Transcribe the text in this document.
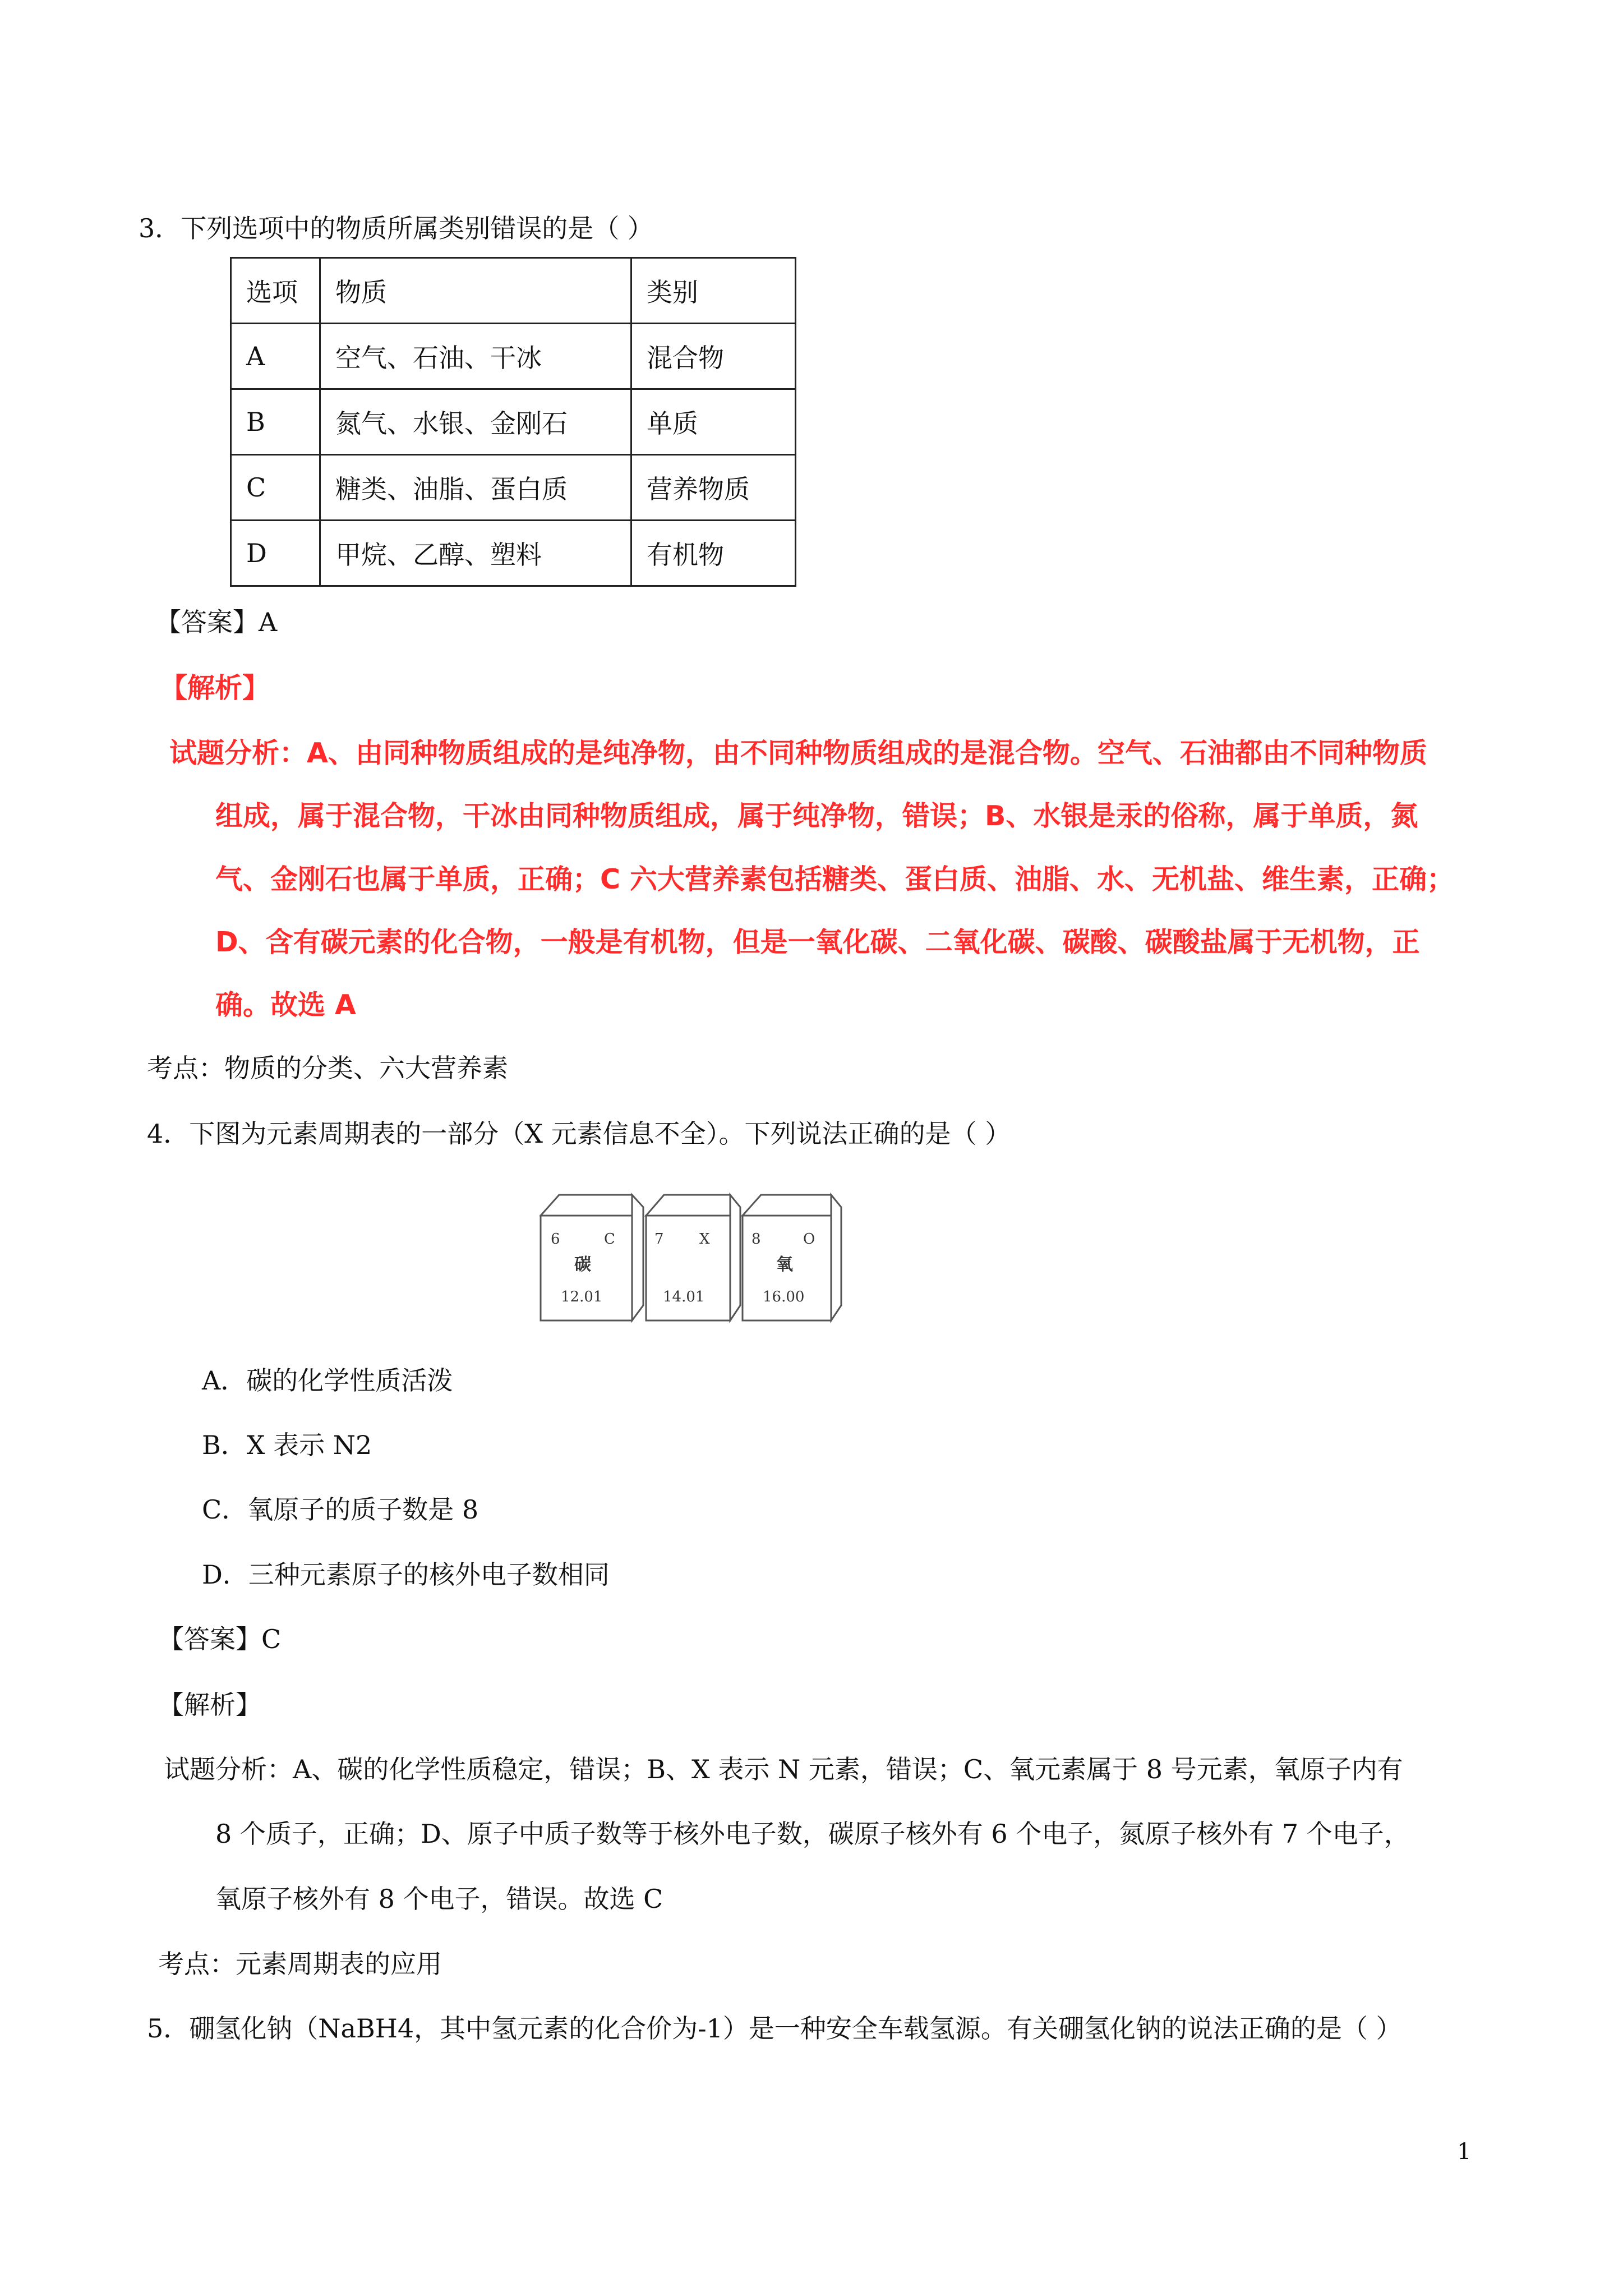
3．下列选项中的物质所属类别错误的是（ ）
选项	物质	类别
A	空气、石油、干冰	混合物
B	氮气、水银、金刚石	单质
C	糖类、油脂、蛋白质	营养物质
D	甲烷、乙醇、塑料	有机物
【答案】A
【解析】
试题分析：A、由同种物质组成的是纯净物，由不同种物质组成的是混合物。空气、石油都由不同种物质
组成，属于混合物，干冰由同种物质组成，属于纯净物，错误；B、水银是汞的俗称，属于单质，氮
气、金刚石也属于单质，正确；C 六大营养素包括糖类、蛋白质、油脂、水、无机盐、维生素，正确；
D、含有碳元素的化合物，一般是有机物，但是一氧化碳、二氧化碳、碳酸、碳酸盐属于无机物，正
确。故选 A
考点：物质的分类、六大营养素
4．下图为元素周期表的一部分（X 元素信息不全）。下列说法正确的是（ ）
6	C
碳
12.01
7 X
14.01
8	O
氧
16.00
A．碳的化学性质活泼
B．X 表示 N2
C．氧原子的质子数是 8
D．三种元素原子的核外电子数相同
【答案】C
【解析】
试题分析：A、碳的化学性质稳定，错误；B、X 表示 N 元素，错误；C、氧元素属于 8 号元素，氧原子内有
8 个质子，正确；D、原子中质子数等于核外电子数，碳原子核外有 6 个电子，氮原子核外有 7 个电子，
氧原子核外有 8 个电子，错误。故选 C
考点：元素周期表的应用
5．硼氢化钠（NaBH4，其中氢元素的化合价为-1）是一种安全车载氢源。有关硼氢化钠的说法正确的是（ ）
1
